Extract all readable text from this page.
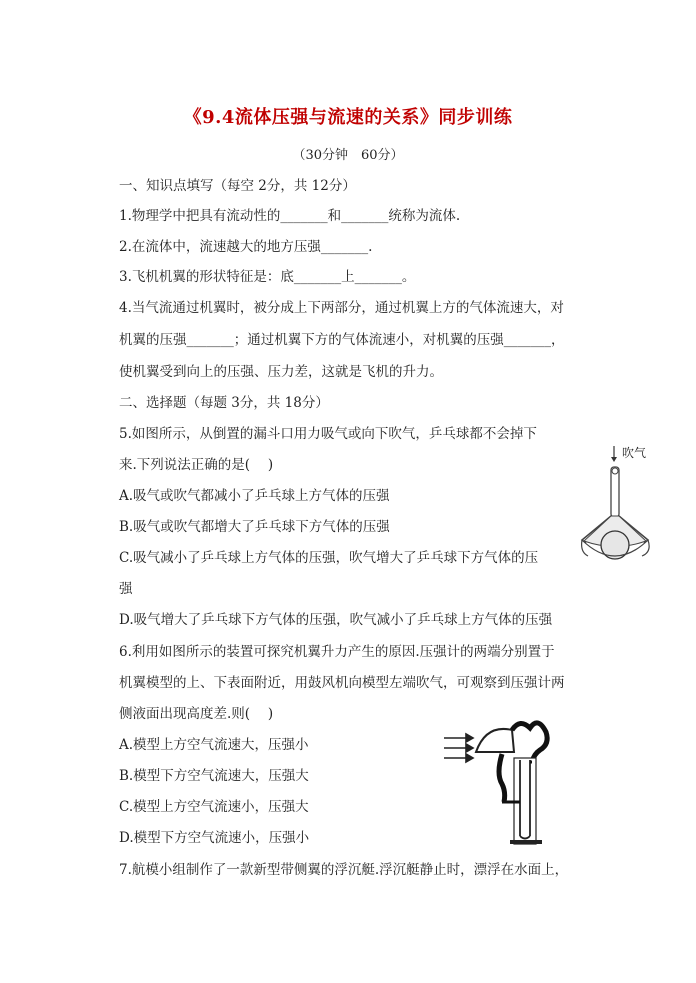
《9.4流体压强与流速的关系》同步训练
（30分钟　60分）
一、知识点填写（每空 2分，共 12分）
1.物理学中把具有流动性的_______和_______统称为流体.
2.在流体中，流速越大的地方压强_______.
3.飞机机翼的形状特征是：底_______上_______。
4.当气流通过机翼时，被分成上下两部分，通过机翼上方的气体流速大，对
机翼的压强_______；通过机翼下方的气体流速小，对机翼的压强_______，
使机翼受到向上的压强、压力差，这就是飞机的升力。
二、选择题（每题 3分，共 18分）
5.如图所示，从倒置的漏斗口用力吸气或向下吹气，乒乓球都不会掉下
来.下列说法正确的是(　 )
A.吸气或吹气都减小了乒乓球上方气体的压强
B.吸气或吹气都增大了乒乓球下方气体的压强
C.吸气减小了乒乓球上方气体的压强，吹气增大了乒乓球下方气体的压
强
D.吸气增大了乒乓球下方气体的压强，吹气减小了乒乓球上方气体的压强
6.利用如图所示的装置可探究机翼升力产生的原因.压强计的两端分别置于
机翼模型的上、下表面附近，用鼓风机向模型左端吹气，可观察到压强计两
侧液面出现高度差.则(　 )
A.模型上方空气流速大，压强小
B.模型下方空气流速大，压强大
C.模型上方空气流速小，压强大
D.模型下方空气流速小，压强小
7.航模小组制作了一款新型带侧翼的浮沉艇.浮沉艇静止时，漂浮在水面上，
吹气
